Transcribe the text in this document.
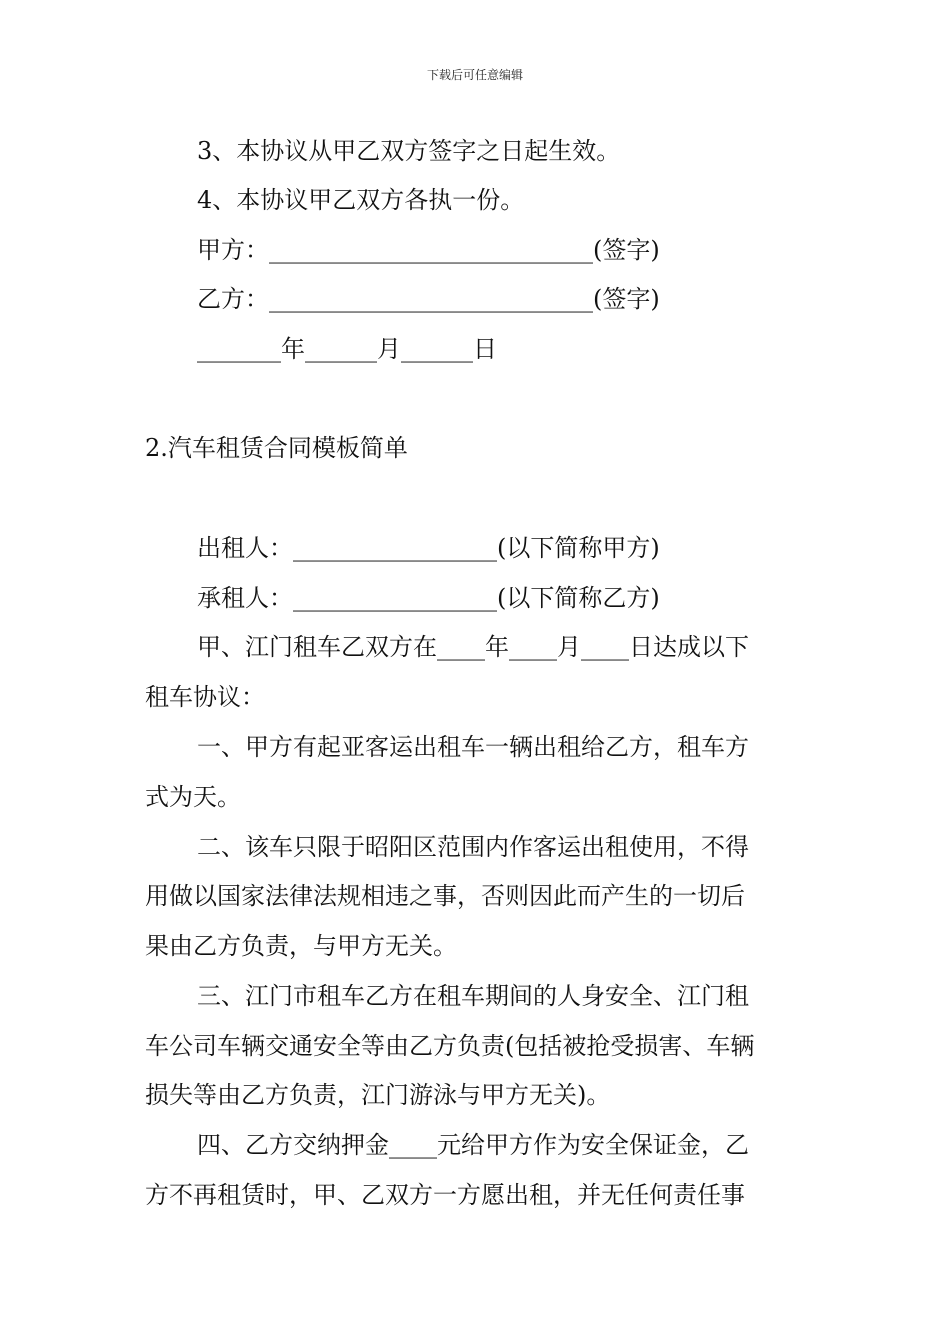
下载后可任意编辑
3、本协议从甲乙双方签字之日起生效。
4、本协议甲乙双方各执一份。
甲方：___________________________(签字)
乙方：___________________________(签字)
_______年______月______日
2.汽车租赁合同模板简单
出租人：_________________(以下简称甲方)
承租人：_________________(以下简称乙方)
甲、江门租车乙双方在____年____月____日达成以下
租车协议：
一、甲方有起亚客运出租车一辆出租给乙方，租车方
式为天。
二、该车只限于昭阳区范围内作客运出租使用，不得
用做以国家法律法规相违之事，否则因此而产生的一切后
果由乙方负责，与甲方无关。
三、江门市租车乙方在租车期间的人身安全、江门租
车公司车辆交通安全等由乙方负责(包括被抢受损害、车辆
损失等由乙方负责，江门游泳与甲方无关)。
四、乙方交纳押金____元给甲方作为安全保证金，乙
方不再租赁时，甲、乙双方一方愿出租，并无任何责任事
